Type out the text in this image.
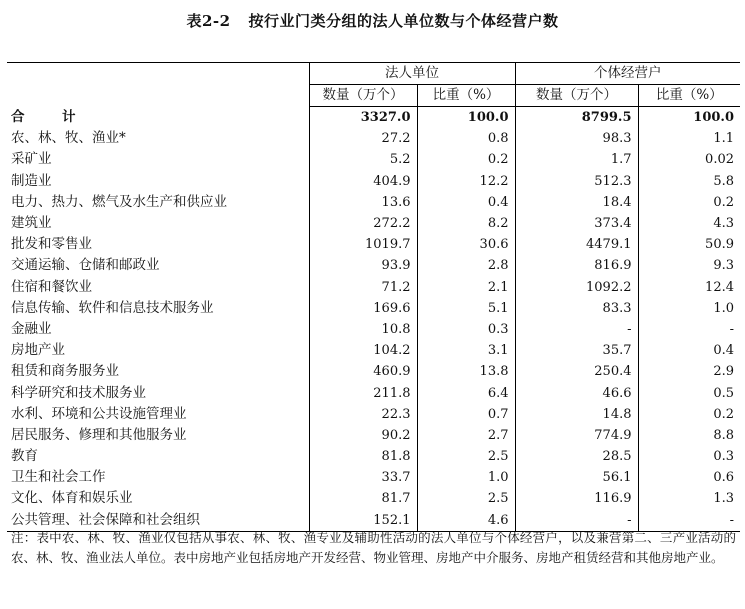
表2-2 按行业门类分组的法人单位数与个体经营户数
	法人单位		个体经营户	
	数量（万个）	比重（%）	数量（万个）	比重（%）
合　计	3327.0	100.0	8799.5	100.0
农、林、牧、渔业*	27.2	0.8	98.3	1.1
采矿业	5.2	0.2	1.7	0.02
制造业	404.9	12.2	512.3	5.8
电力、热力、燃气及水生产和供应业	13.6	0.4	18.4	0.2
建筑业	272.2	8.2	373.4	4.3
批发和零售业	1019.7	30.6	4479.1	50.9
交通运输、仓储和邮政业	93.9	2.8	816.9	9.3
住宿和餐饮业	71.2	2.1	1092.2	12.4
信息传输、软件和信息技术服务业	169.6	5.1	83.3	1.0
金融业	10.8	0.3	-	-
房地产业	104.2	3.1	35.7	0.4
租赁和商务服务业	460.9	13.8	250.4	2.9
科学研究和技术服务业	211.8	6.4	46.6	0.5
水利、环境和公共设施管理业	22.3	0.7	14.8	0.2
居民服务、修理和其他服务业	90.2	2.7	774.9	8.8
教育	81.8	2.5	28.5	0.3
卫生和社会工作	33.7	1.0	56.1	0.6
文化、体育和娱乐业	81.7	2.5	116.9	1.3
公共管理、社会保障和社会组织	152.1	4.6	-	-
注：表中农、林、牧、渔业仅包括从事农、林、牧、渔专业及辅助性活动的法人单位与个体经营户，以及兼营第二、三产业活动的农、林、牧、渔业法人单位。表中房地产业包括房地产开发经营、物业管理、房地产中介服务、房地产租赁经营和其他房地产业。
